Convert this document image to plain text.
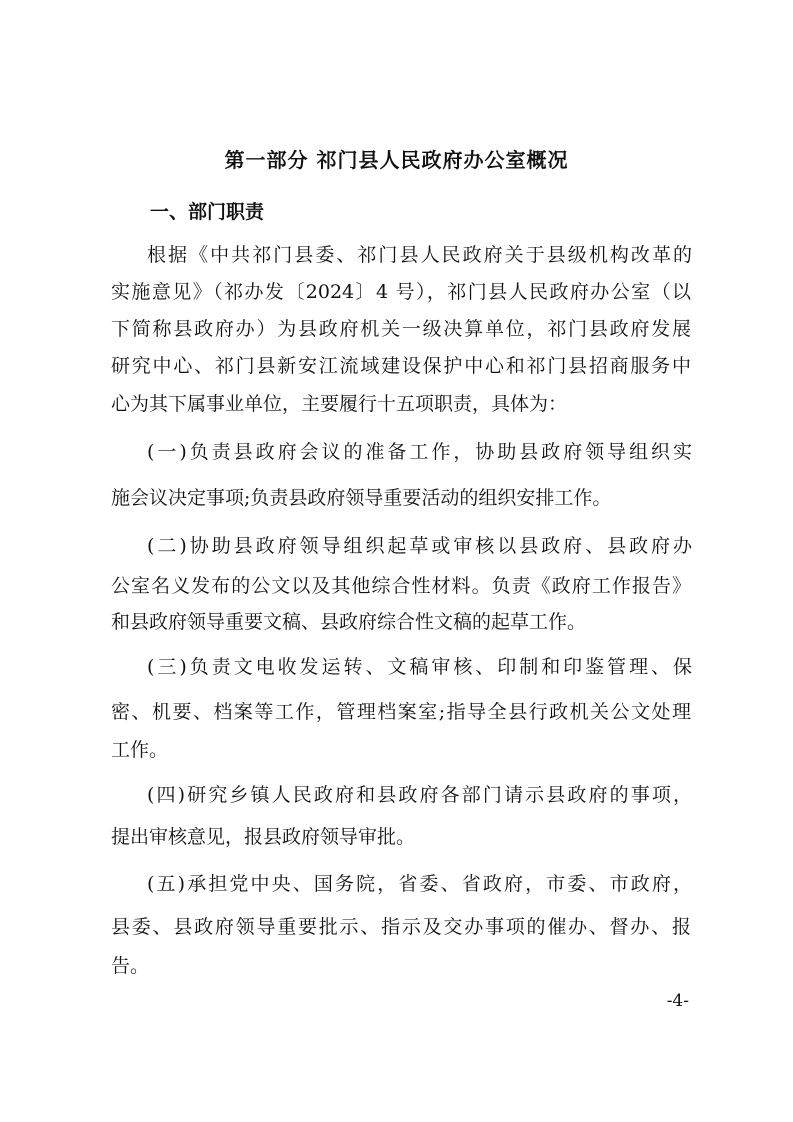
第一部分 祁门县人民政府办公室概况
一、部门职责

根据《中共祁门县委、祁门县人民政府关于县级机构改革的

实施意见》（祁办发〔2024〕4 号），祁门县人民政府办公室（以

下简称县政府办）为县政府机关一级决算单位，祁门县政府发展

研究中心、祁门县新安江流域建设保护中心和祁门县招商服务中

心为其下属事业单位，主要履行十五项职责，具体为：

(一)负责县政府会议的准备工作，协助县政府领导组织实

施会议决定事项;负责县政府领导重要活动的组织安排工作。

(二)协助县政府领导组织起草或审核以县政府、县政府办

公室名义发布的公文以及其他综合性材料。负责《政府工作报告》

和县政府领导重要文稿、县政府综合性文稿的起草工作。

(三)负责文电收发运转、文稿审核、印制和印鉴管理、保

密、机要、档案等工作，管理档案室;指导全县行政机关公文处理

工作。

(四)研究乡镇人民政府和县政府各部门请示县政府的事项，

提出审核意见，报县政府领导审批。

(五)承担党中央、国务院，省委、省政府，市委、市政府，

县委、县政府领导重要批示、指示及交办事项的催办、督办、报

告。

-4-
